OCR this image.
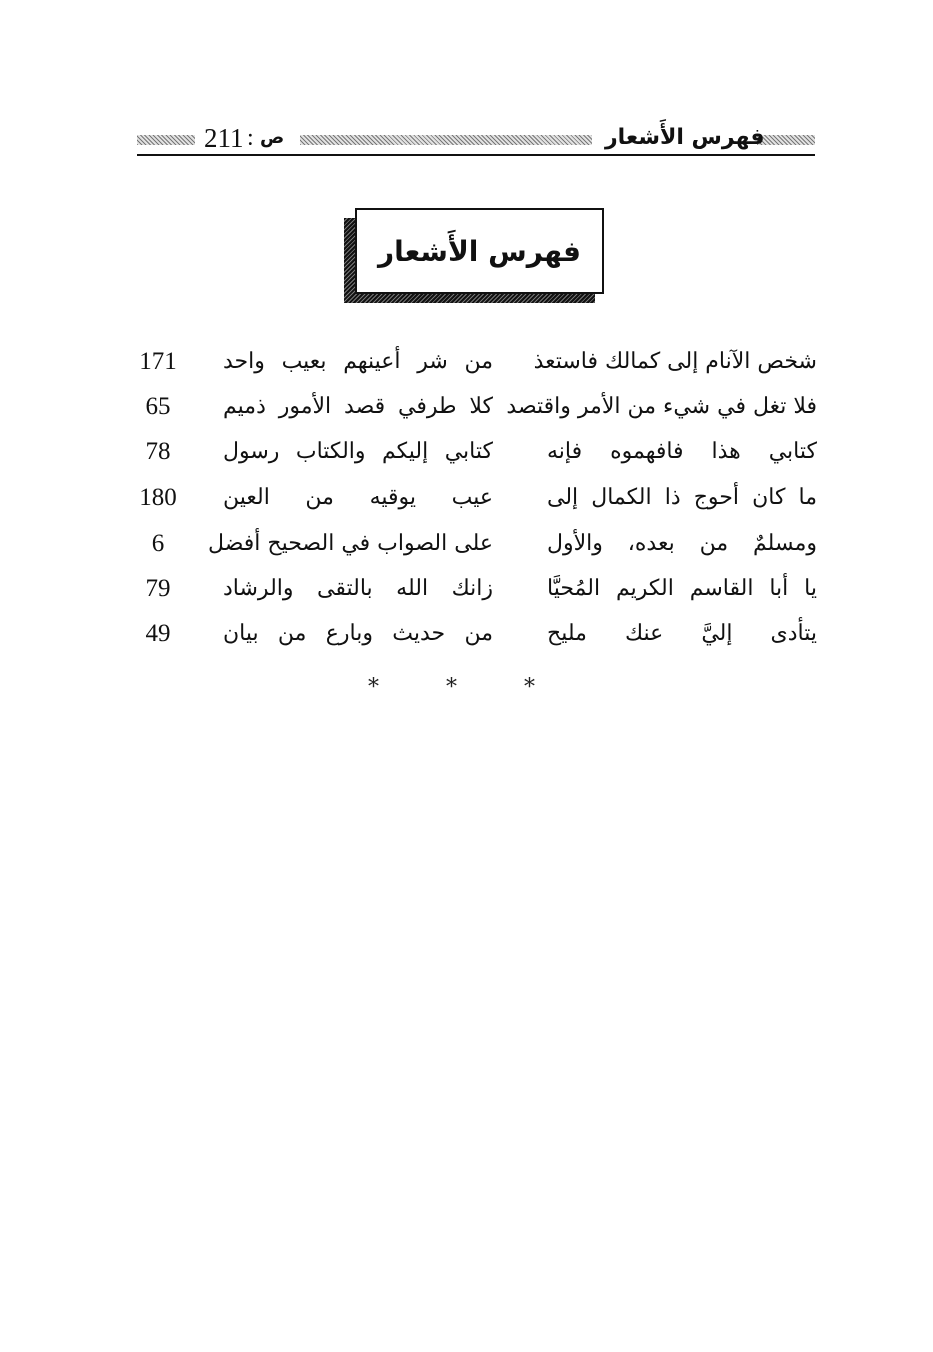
فهرس الأَشعار
ص
:
211
فهرس الأَشعار
شخص الآنام إلى كمالك فاستعذ
من شر أعينهم بعيب واحد
171
فلا تغل في شيء من الأمر واقتصد
كلا طرفي قصد الأمور ذميم
65
كتابي هذا فافهموه فإنه
كتابي إليكم والكتاب رسول
78
ما كان أحوج ذا الكمال إلى
عيب يوقيه من العين
180
ومسلمٌ من بعده، والأول
على الصواب في الصحيح أفضل
6
يا أبا القاسم الكريم المُحيَّا
زانك الله بالتقى والرشاد
79
يتأدى إليَّ عنك مليح
من حديث وبارع من بيان
49
* * *
